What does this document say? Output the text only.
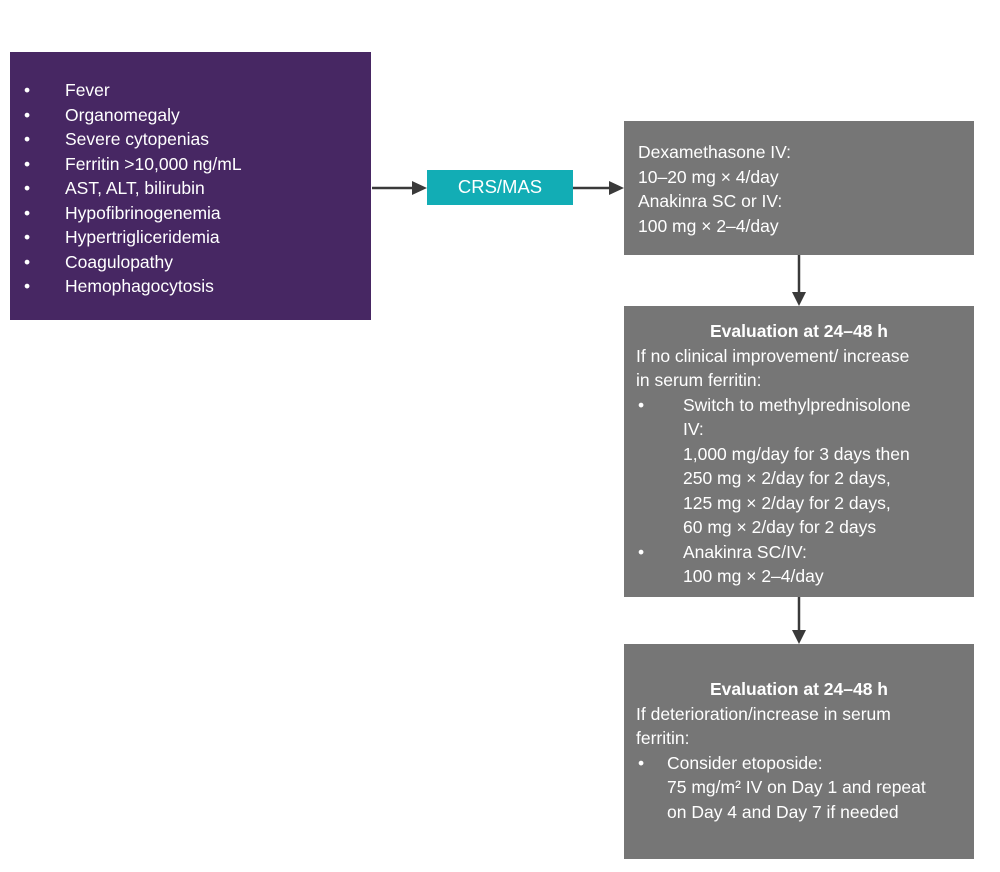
• Fever
• Organomegaly
• Severe cytopenias
• Ferritin >10,000 ng/mL
• AST, ALT, bilirubin
• Hypofibrinogenemia
• Hypertrigliceridemia
• Coagulopathy
• Hemophagocytosis
CRS/MAS
Dexamethasone IV:
10–20 mg × 4/day
Anakinra SC or IV:
100 mg × 2–4/day
Evaluation at 24–48 h
If no clinical improvement/ increase
in serum ferritin:
• Switch to methylprednisolone
IV:
1,000 mg/day for 3 days then
250 mg × 2/day for 2 days,
125 mg × 2/day for 2 days,
60 mg × 2/day for 2 days
• Anakinra SC/IV:
100 mg × 2–4/day
Evaluation at 24–48 h
If deterioration/increase in serum
ferritin:
• Consider etoposide:
75 mg/m² IV on Day 1 and repeat
on Day 4 and Day 7 if needed
